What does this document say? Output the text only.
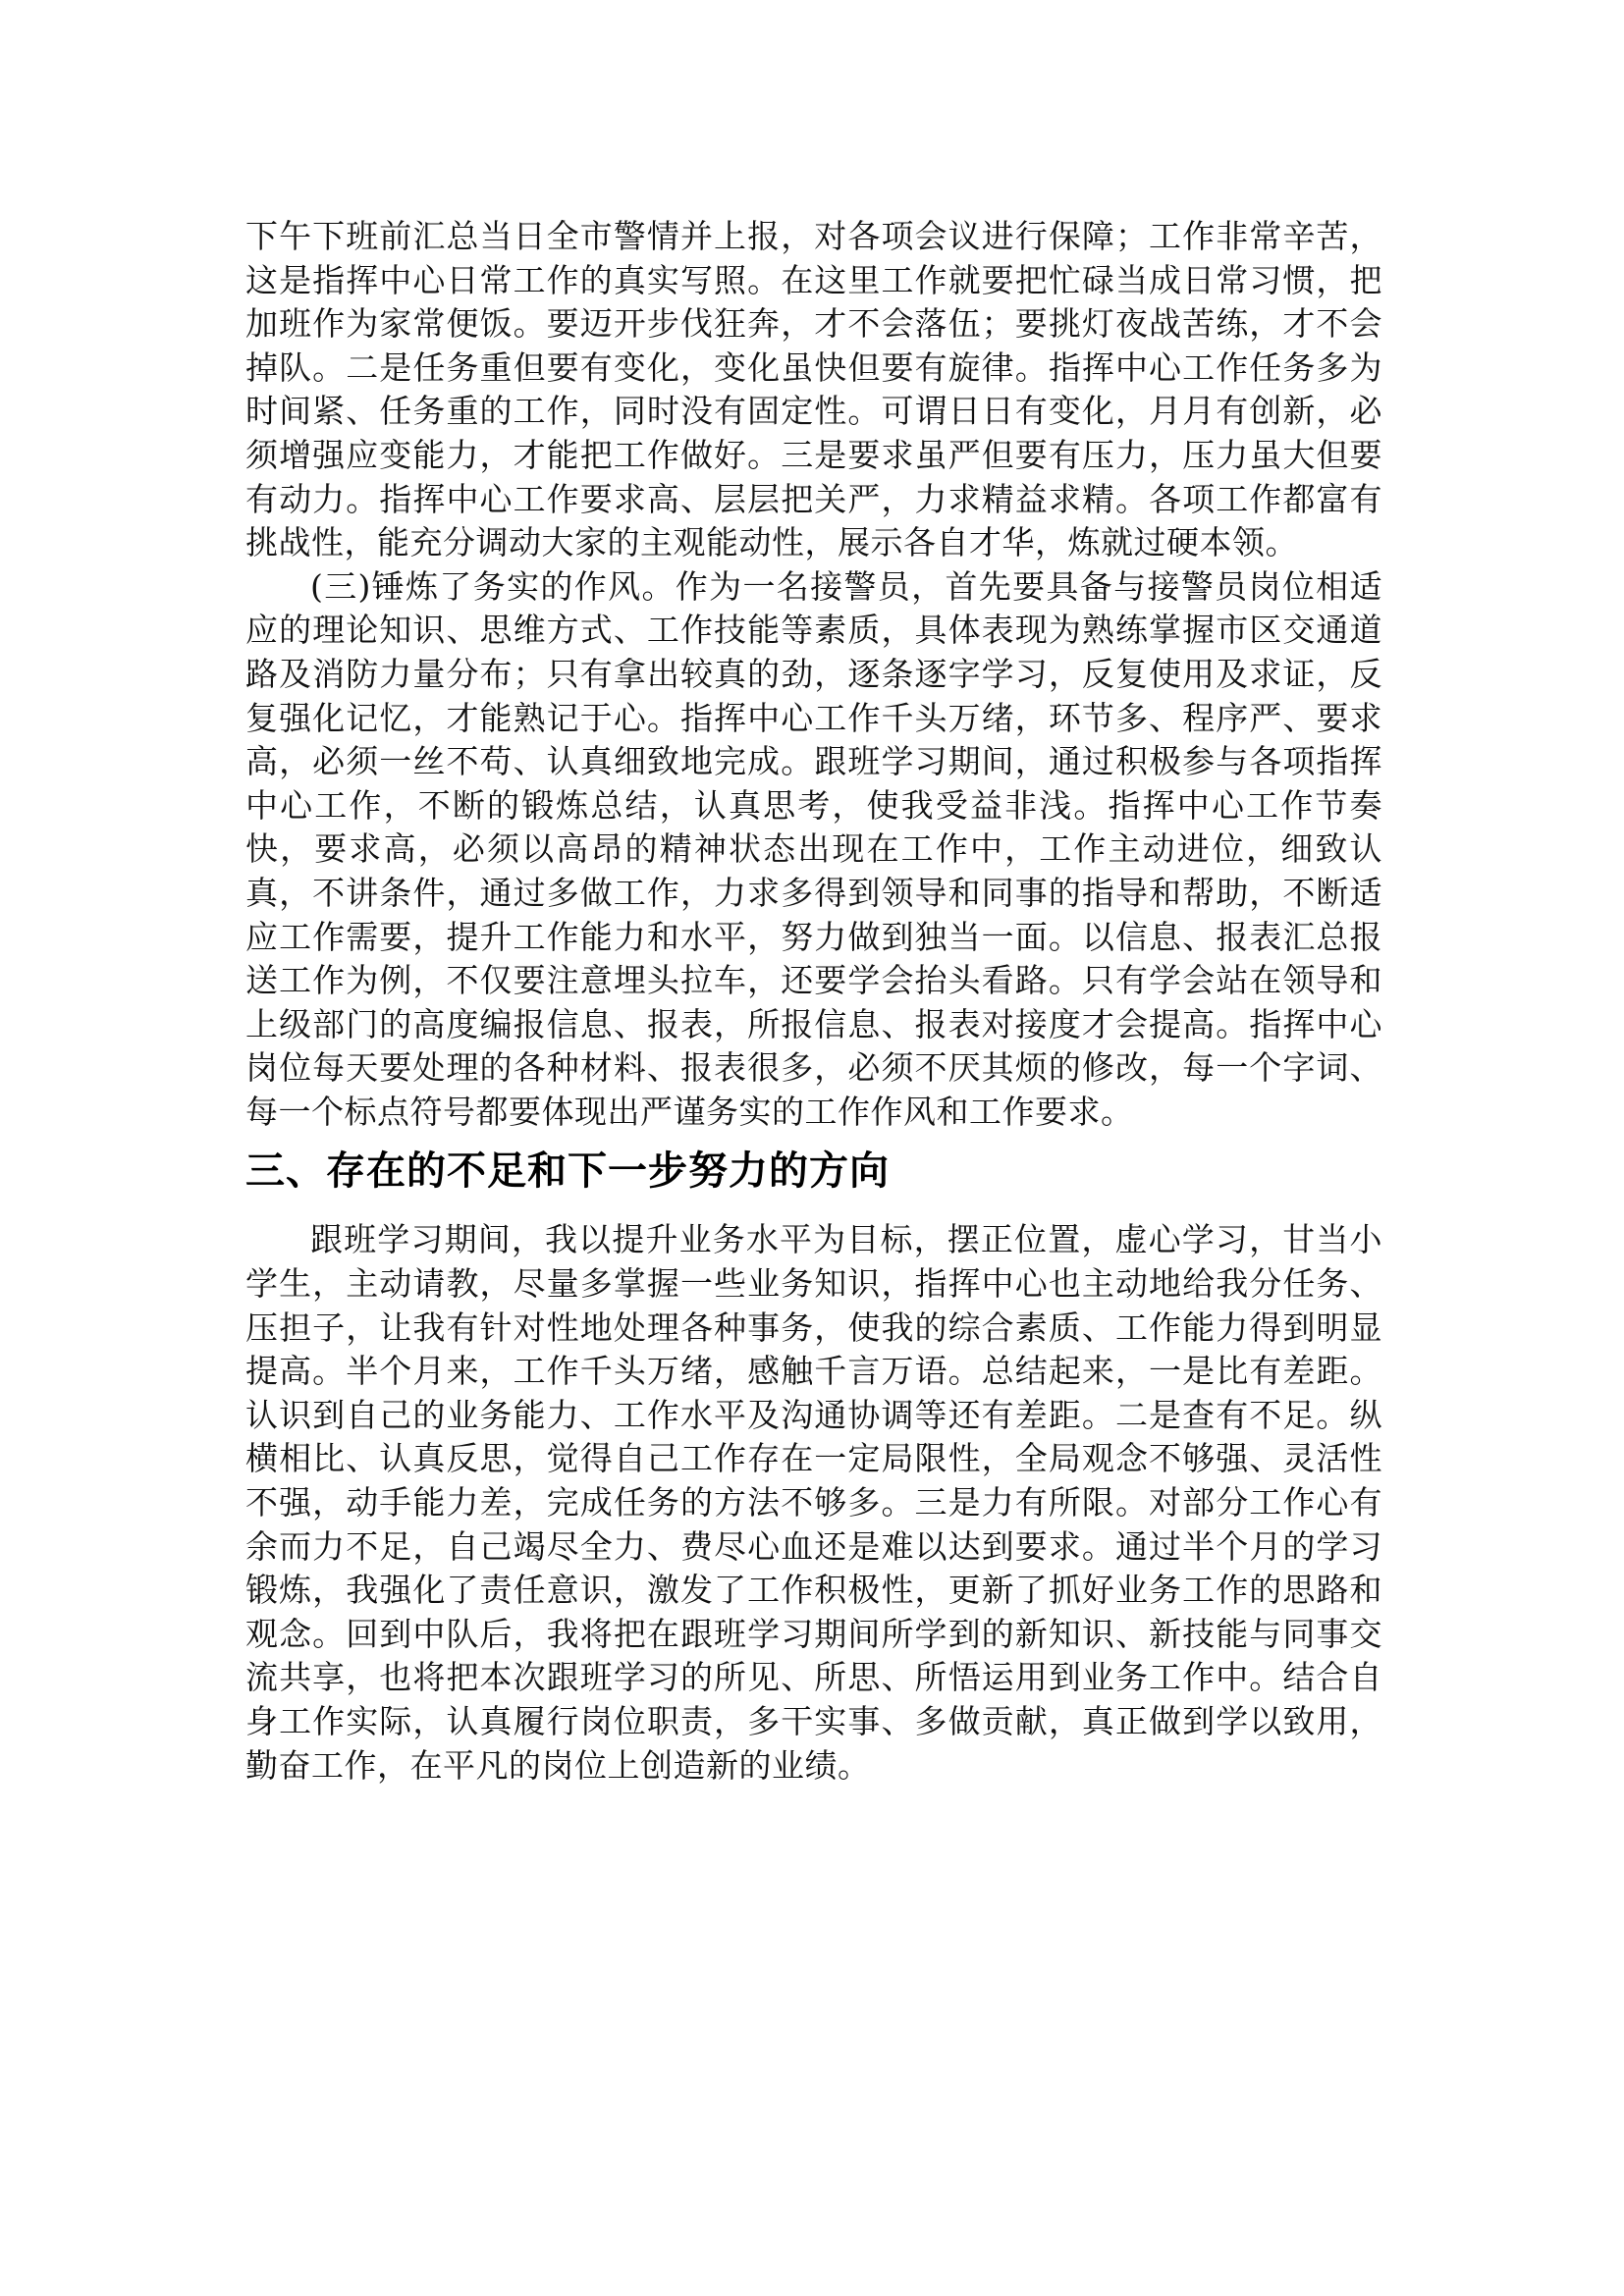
下午下班前汇总当日全市警情并上报，对各项会议进行保障；工作非常辛苦，这是指挥中心日常工作的真实写照。在这里工作就要把忙碌当成日常习惯，把加班作为家常便饭。要迈开步伐狂奔，才不会落伍；要挑灯夜战苦练，才不会掉队。二是任务重但要有变化，变化虽快但要有旋律。指挥中心工作任务多为时间紧、任务重的工作，同时没有固定性。可谓日日有变化，月月有创新，必须增强应变能力，才能把工作做好。三是要求虽严但要有压力，压力虽大但要有动力。指挥中心工作要求高、层层把关严，力求精益求精。各项工作都富有挑战性，能充分调动大家的主观能动性，展示各自才华，炼就过硬本领。

(三)锤炼了务实的作风。作为一名接警员，首先要具备与接警员岗位相适应的理论知识、思维方式、工作技能等素质，具体表现为熟练掌握市区交通道路及消防力量分布；只有拿出较真的劲，逐条逐字学习，反复使用及求证，反复强化记忆，才能熟记于心。指挥中心工作千头万绪，环节多、程序严、要求高，必须一丝不苟、认真细致地完成。跟班学习期间，通过积极参与各项指挥中心工作，不断的锻炼总结，认真思考，使我受益非浅。指挥中心工作节奏快，要求高，必须以高昂的精神状态出现在工作中，工作主动进位，细致认真，不讲条件，通过多做工作，力求多得到领导和同事的指导和帮助，不断适应工作需要，提升工作能力和水平，努力做到独当一面。以信息、报表汇总报送工作为例，不仅要注意埋头拉车，还要学会抬头看路。只有学会站在领导和上级部门的高度编报信息、报表，所报信息、报表对接度才会提高。指挥中心岗位每天要处理的各种材料、报表很多，必须不厌其烦的修改，每一个字词、每一个标点符号都要体现出严谨务实的工作作风和工作要求。

三、存在的不足和下一步努力的方向

跟班学习期间，我以提升业务水平为目标，摆正位置，虚心学习，甘当小学生，主动请教，尽量多掌握一些业务知识，指挥中心也主动地给我分任务、压担子，让我有针对性地处理各种事务，使我的综合素质、工作能力得到明显提高。半个月来，工作千头万绪，感触千言万语。总结起来，一是比有差距。认识到自己的业务能力、工作水平及沟通协调等还有差距。二是查有不足。纵横相比、认真反思，觉得自己工作存在一定局限性，全局观念不够强、灵活性不强，动手能力差，完成任务的方法不够多。三是力有所限。对部分工作心有余而力不足，自己竭尽全力、费尽心血还是难以达到要求。通过半个月的学习锻炼，我强化了责任意识，激发了工作积极性，更新了抓好业务工作的思路和观念。回到中队后，我将把在跟班学习期间所学到的新知识、新技能与同事交流共享，也将把本次跟班学习的所见、所思、所悟运用到业务工作中。结合自身工作实际，认真履行岗位职责，多干实事、多做贡献，真正做到学以致用，勤奋工作，在平凡的岗位上创造新的业绩。
